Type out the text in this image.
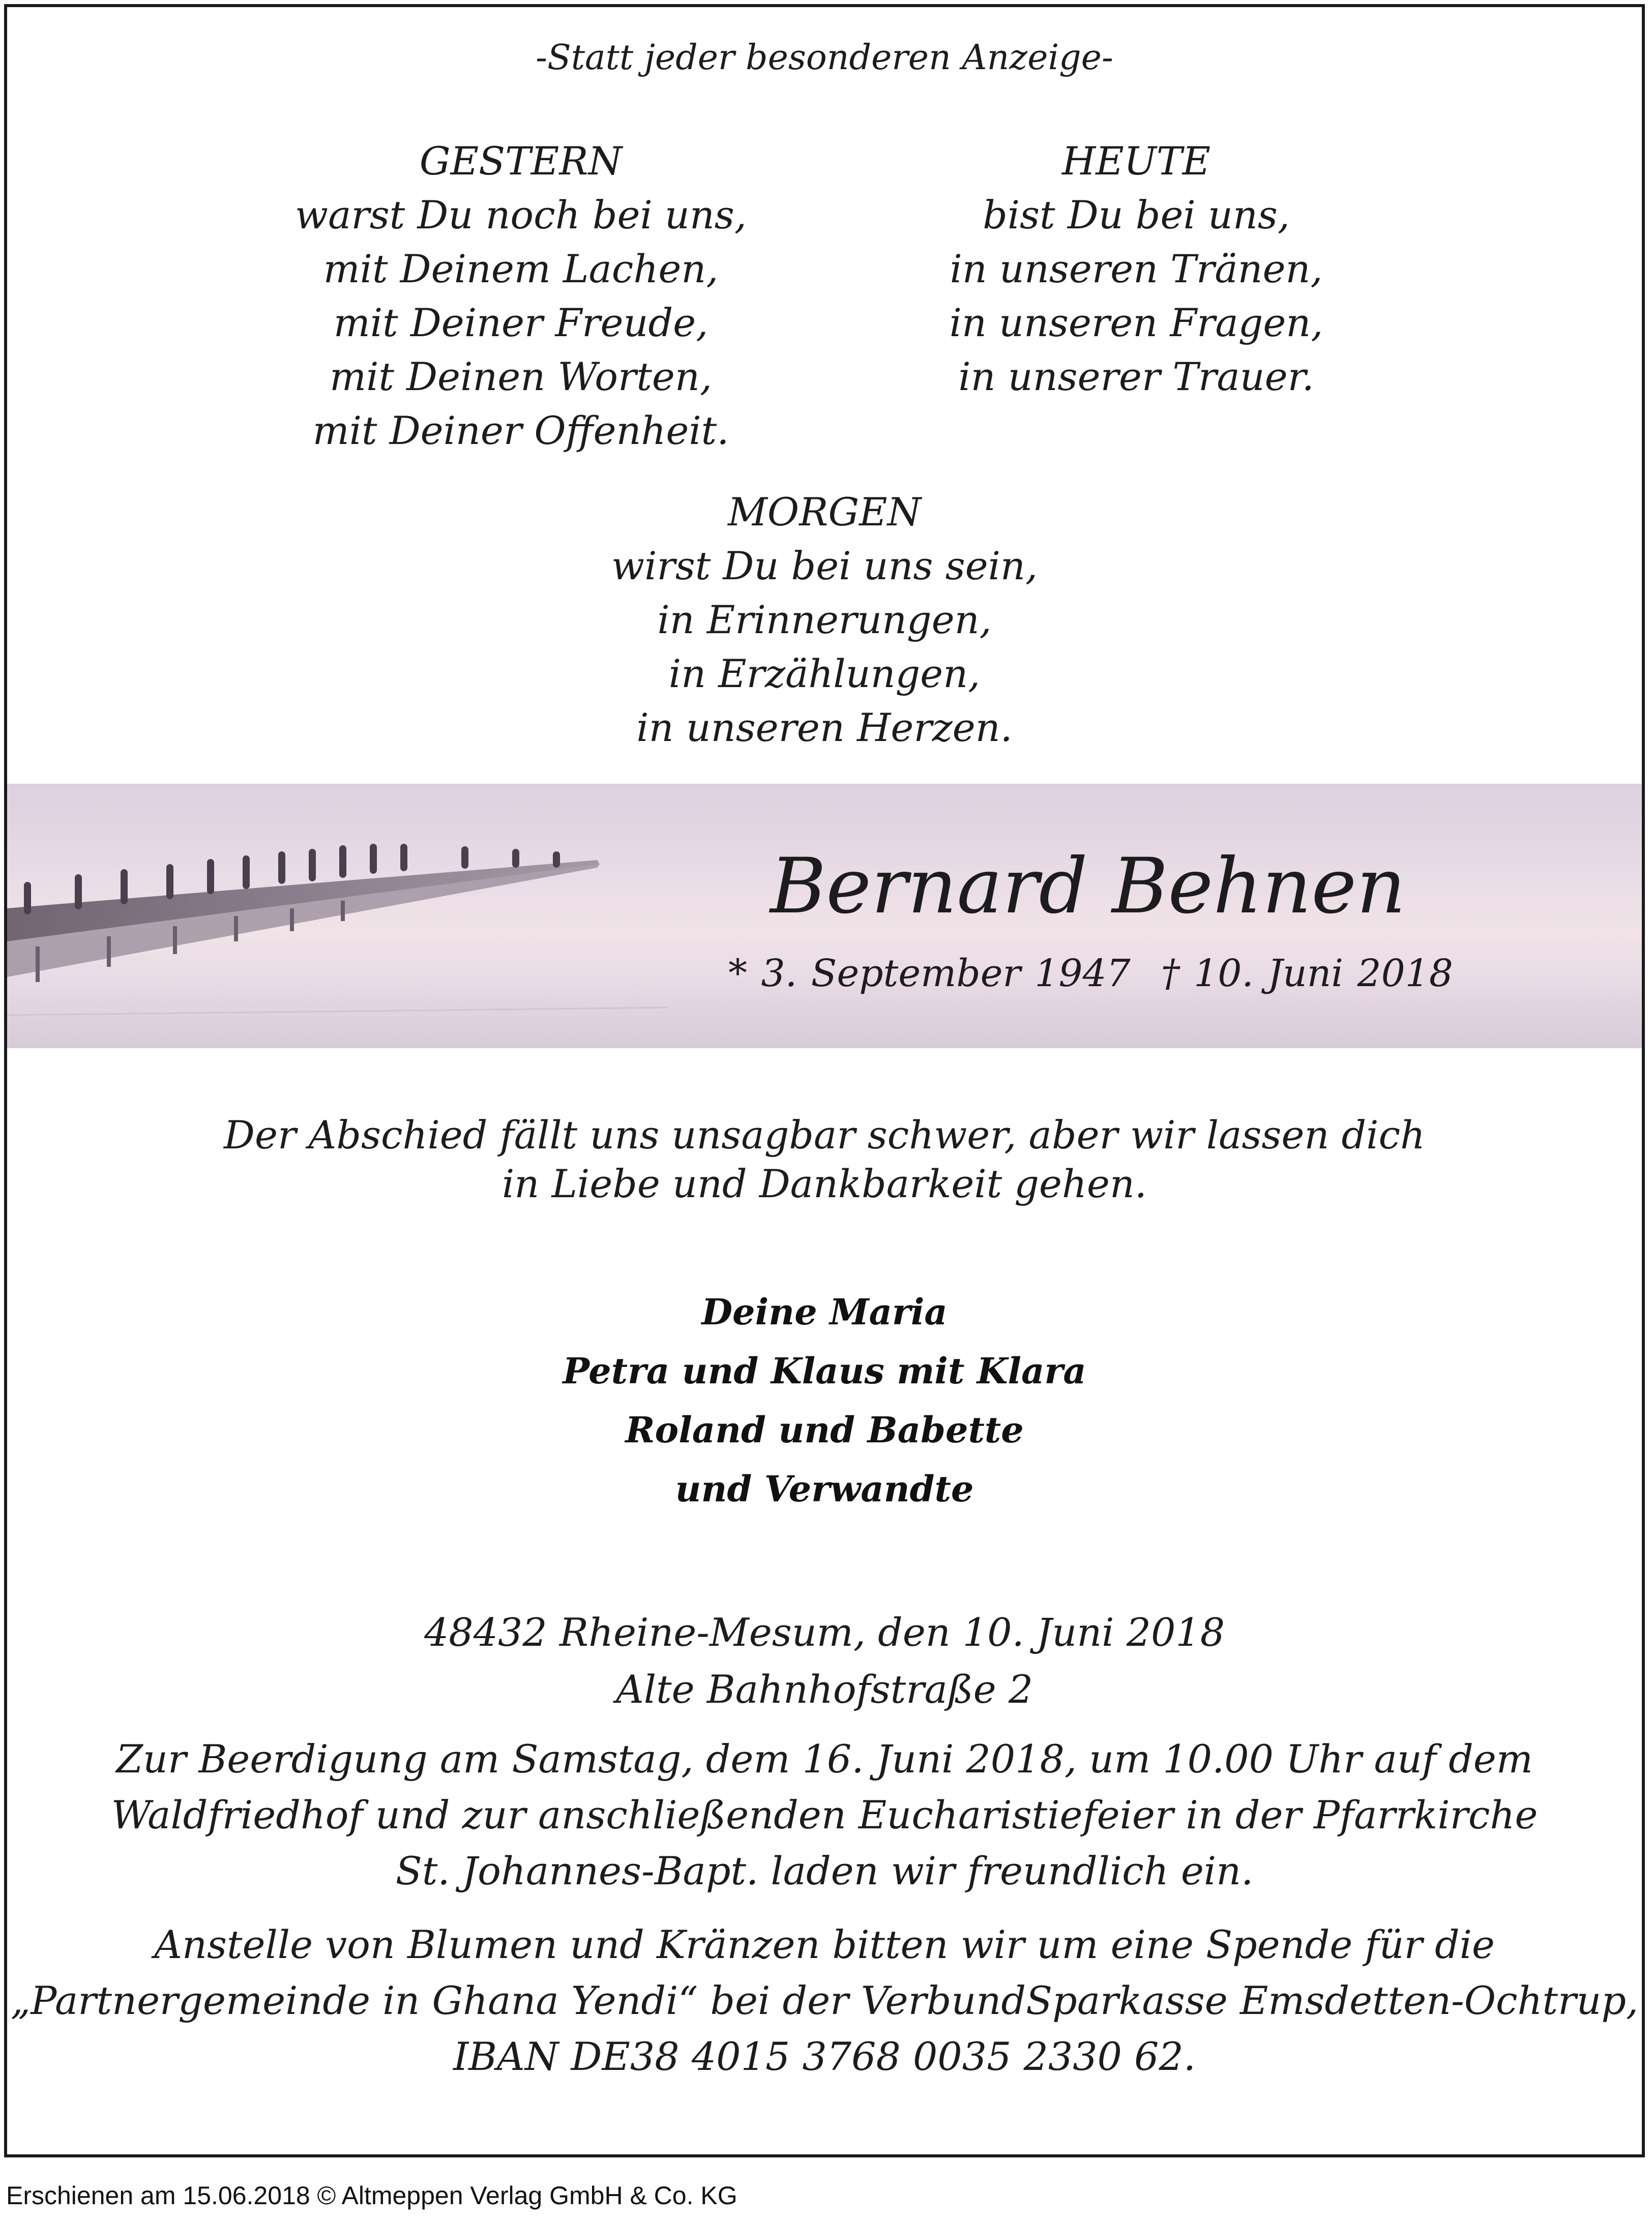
-Statt jeder besonderen Anzeige-
GESTERN
warst Du noch bei uns,
mit Deinem Lachen,
mit Deiner Freude,
mit Deinen Worten,
mit Deiner Offenheit.
HEUTE
bist Du bei uns,
in unseren Tränen,
in unseren Fragen,
in unserer Trauer.
MORGEN
wirst Du bei uns sein,
in Erinnerungen,
in Erzählungen,
in unseren Herzen.
Bernard Behnen
* 3. September 1947 † 10. Juni 2018
Der Abschied fällt uns unsagbar schwer, aber wir lassen dich
in Liebe und Dankbarkeit gehen.
Deine Maria
Petra und Klaus mit Klara
Roland und Babette
und Verwandte
48432 Rheine-Mesum, den 10. Juni 2018
Alte Bahnhofstraße 2
Zur Beerdigung am Samstag, dem 16. Juni 2018, um 10.00 Uhr auf dem
Waldfriedhof und zur anschließenden Eucharistiefeier in der Pfarrkirche
St. Johannes-Bapt. laden wir freundlich ein.
Anstelle von Blumen und Kränzen bitten wir um eine Spende für die
„Partnergemeinde in Ghana Yendi“ bei der VerbundSparkasse Emsdetten-Ochtrup,
IBAN DE38 4015 3768 0035 2330 62.
Erschienen am 15.06.2018 © Altmeppen Verlag GmbH & Co. KG
